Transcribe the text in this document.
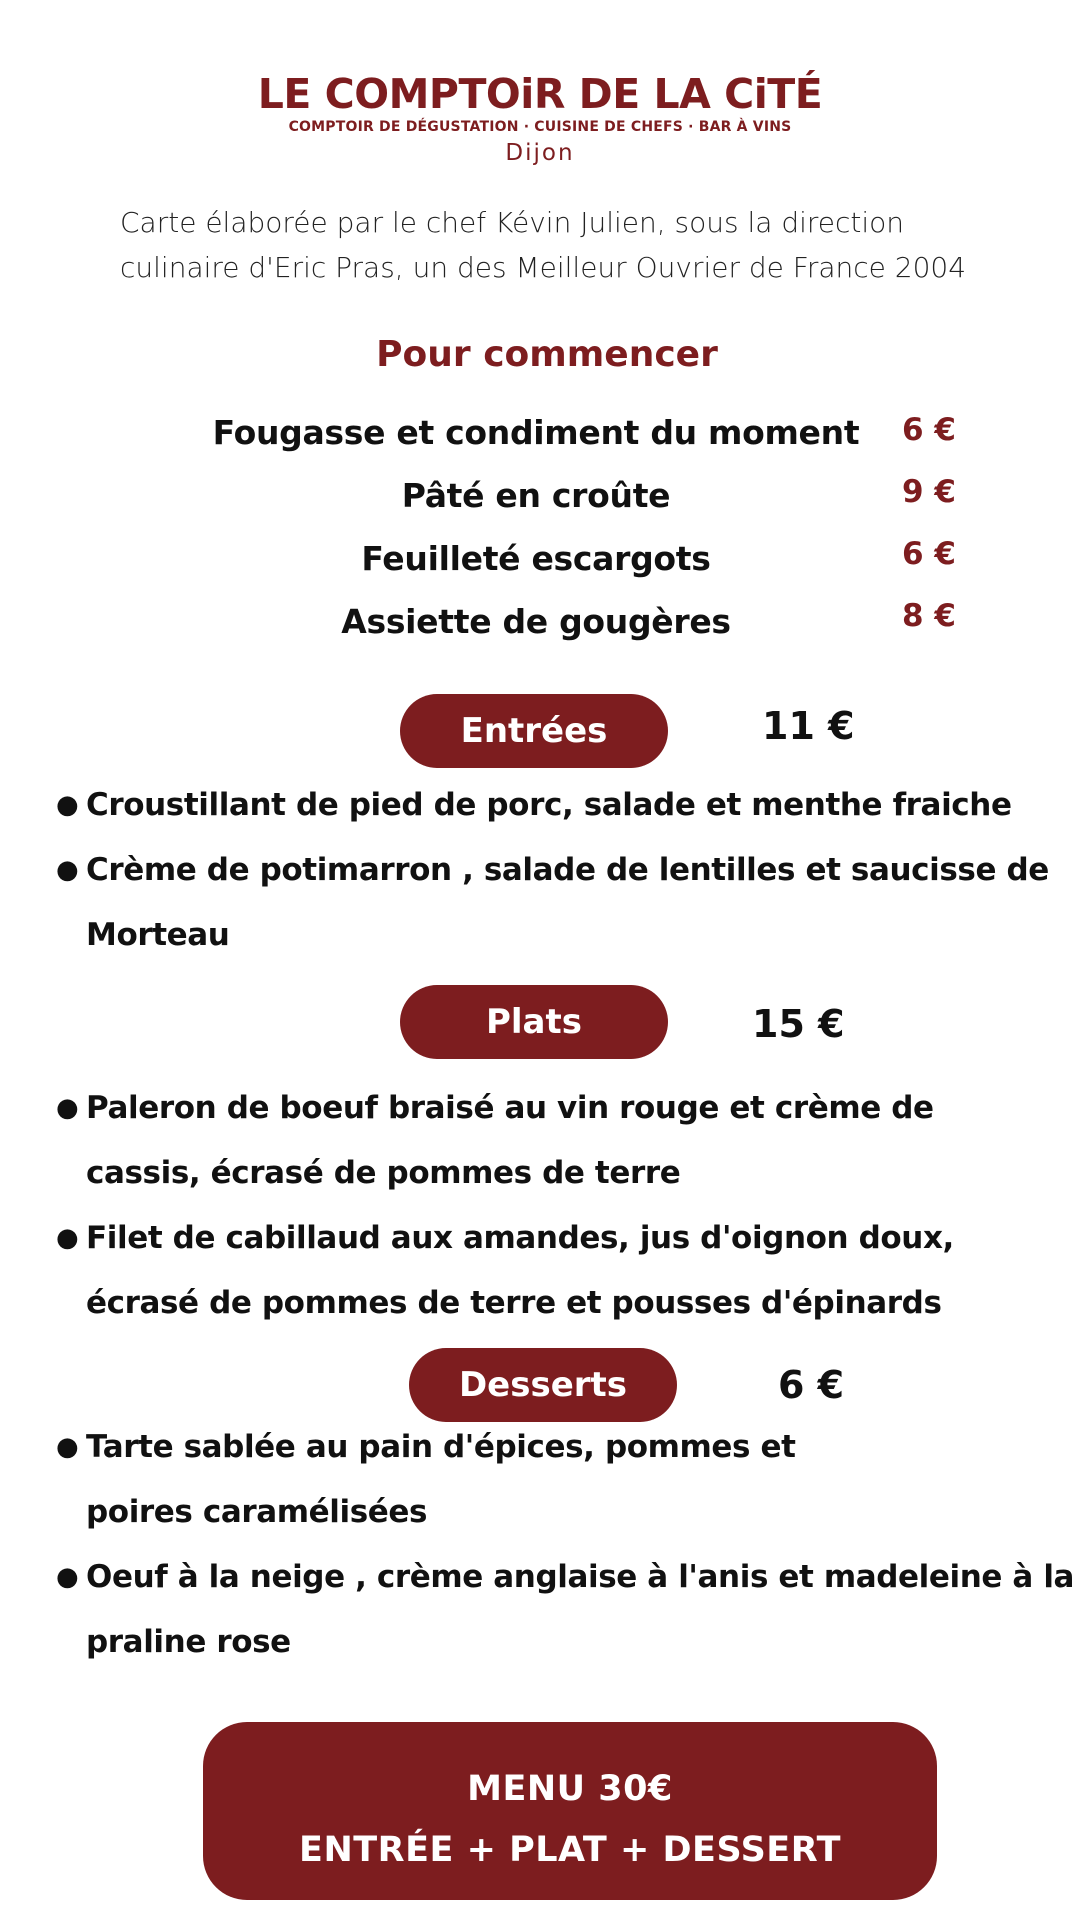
LE COMPTOiR DE LA CiTÉ
COMPTOIR DE DÉGUSTATION · CUISINE DE CHEFS · BAR À VINS
Dijon
Carte élaborée par le chef Kévin Julien, sous la direction
culinaire d'Eric Pras, un des Meilleur Ouvrier de France 2004
Pour commencer
Fougasse et condiment du moment	6 €
Pâté en croûte	9 €
Feuilleté escargots	6 €
Assiette de gougères	8 €
Entrées	11 €
● Croustillant de pied de porc, salade et menthe fraiche
● Crème de potimarron , salade de lentilles et saucisse de Morteau
Plats	15 €
● Paleron de boeuf braisé au vin rouge et crème de cassis, écrasé de pommes de terre
● Filet de cabillaud aux amandes, jus d'oignon doux, écrasé de pommes de terre et pousses d'épinards
Desserts	6 €
● Tarte sablée au pain d'épices, pommes et poires caramélisées
● Oeuf à la neige , crème anglaise à l'anis et madeleine à la praline rose
MENU 30€
ENTRÉE + PLAT + DESSERT
